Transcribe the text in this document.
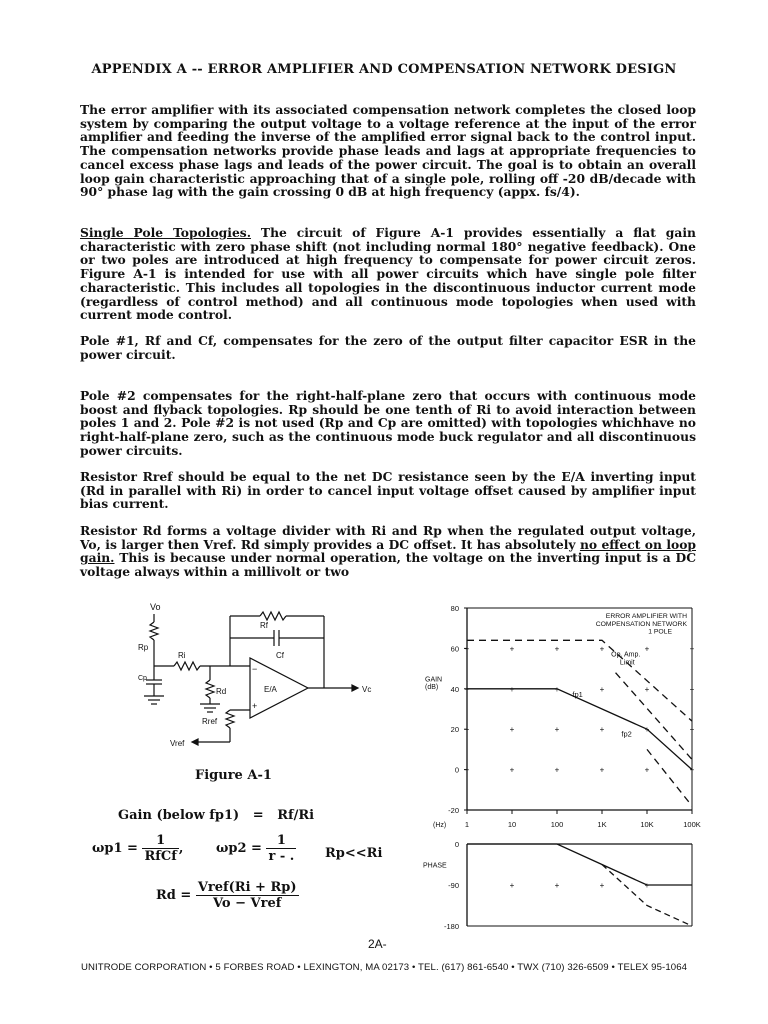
APPENDIX A -- ERROR AMPLIFIER AND COMPENSATION NETWORK DESIGN

The error amplifier with its associated compensation network completes the closed loop system by comparing the output voltage to a voltage reference at the input of the error amplifier and feeding the inverse of the amplified error signal back to the control input. The compensation networks provide phase leads and lags at appropriate frequencies to cancel excess phase lags and leads of the power circuit. The goal is to obtain an overall loop gain characteristic approaching that of a single pole, rolling off -20 dB/decade with 90° phase lag with the gain crossing 0 dB at high frequency (appx. fs/4).

Single Pole Topologies. The circuit of Figure A-1 provides essentially a flat gain characteristic with zero phase shift (not including normal 180° negative feedback). One or two poles are introduced at high frequency to compensate for power circuit zeros. Figure A-1 is intended for use with all power circuits which have single pole filter characteristic. This includes all topologies in the discontinuous inductor current mode (regardless of control method) and all continuous mode topologies when used with current mode control.

Pole #1, Rf and Cf, compensates for the zero of the output filter capacitor ESR in the power circuit.

Pole #2 compensates for the right-half-plane zero that occurs with continuous mode boost and flyback topologies. Rp should be one tenth of Ri to avoid interaction between poles 1 and 2. Pole #2 is not used (Rp and Cp are omitted) with topologies whichhave no right-half-plane zero, such as the continuous mode buck regulator and all discontinuous power circuits.

Resistor Rref should be equal to the net DC resistance seen by the E/A inverting input (Rd in parallel with Ri) in order to cancel input voltage offset caused by amplifier input bias current.

Resistor Rd forms a voltage divider with Ri and Rp when the regulated output voltage, Vo, is larger then Vref. Rd simply provides a DC offset. It has absolutely no effect on loop gain. This is because under normal operation, the voltage on the inverting input is a DC voltage always within a millivolt or two

Vo
Rp
Cp
Ri
Rd
Rf
Cf
E/A
−
+
Vc
Rref
Vref
Figure A-1
Gain (below fp1) = Rf/Ri
$\omega p1 = \frac{1}{\text{RfCf}}$ ,	$\omega p2 = \frac{1}{r - .} Rp<<Ri$
$Rd = \frac{\text{Vref(Ri + Rp)}}{\text{Vo − Vref}}$
80
60
40
20
0
-20
1	10	100	1K	10K	100K
(Hz)
GAIN
(dB)
+
+
+
+
+
+
+
+
+
+
+
+
+
+
+
+
+
+
+
+
+
+
+
+
ERROR AMPLIFIER WITH
COMPENSATION NETWORK
1 POLE
Op. Amp.
Limit
fp1
fp2
0
-90
-180
PHASE
+	+	+	+
2A-
UNITRODE CORPORATION • 5 FORBES ROAD • LEXINGTON, MA 02173 • TEL. (617) 861-6540 • TWX (710) 326-6509 • TELEX 95-1064
